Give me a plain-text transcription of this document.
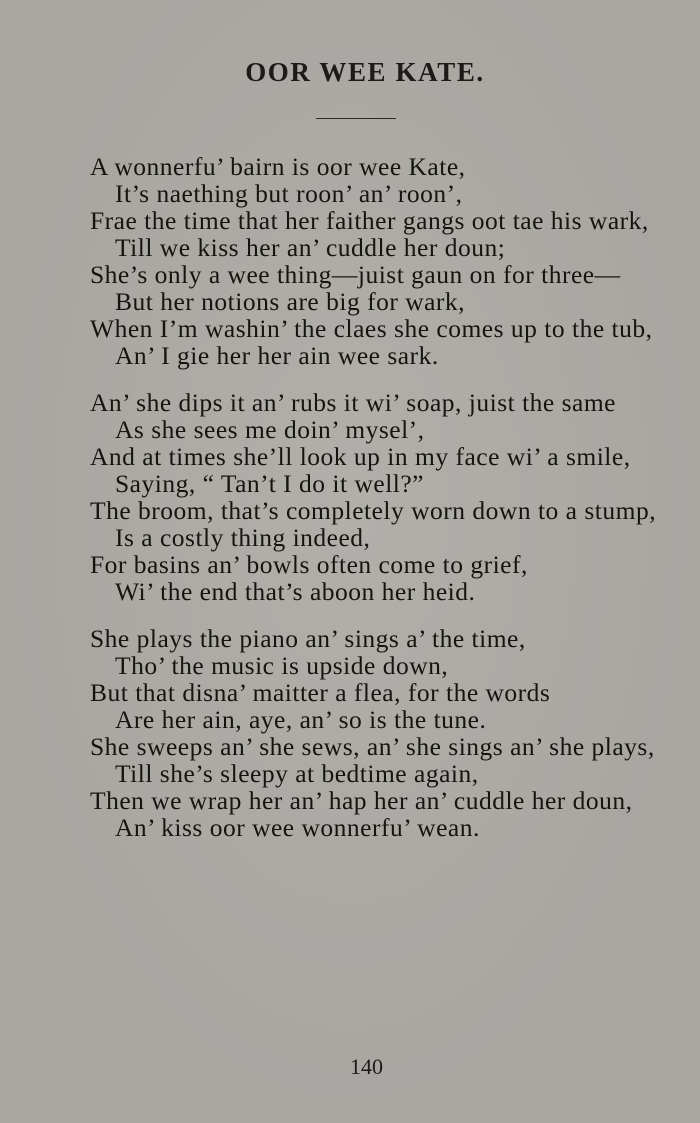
OOR WEE KATE.
A wonnerfu’ bairn is oor wee Kate,
It’s naething but roon’ an’ roon’,
Frae the time that her faither gangs oot tae his wark,
Till we kiss her an’ cuddle her doun;
She’s only a wee thing—juist gaun on for three—
But her notions are big for wark,
When I’m washin’ the claes she comes up to the tub,
An’ I gie her her ain wee sark.
An’ she dips it an’ rubs it wi’ soap, juist the same
As she sees me doin’ mysel’,
And at times she’ll look up in my face wi’ a smile,
Saying, “ Tan’t I do it well?”
The broom, that’s completely worn down to a stump,
Is a costly thing indeed,
For basins an’ bowls often come to grief,
Wi’ the end that’s aboon her heid.
She plays the piano an’ sings a’ the time,
Tho’ the music is upside down,
But that disna’ maitter a flea, for the words
Are her ain, aye, an’ so is the tune.
She sweeps an’ she sews, an’ she sings an’ she plays,
Till she’s sleepy at bedtime again,
Then we wrap her an’ hap her an’ cuddle her doun,
An’ kiss oor wee wonnerfu’ wean.
140
